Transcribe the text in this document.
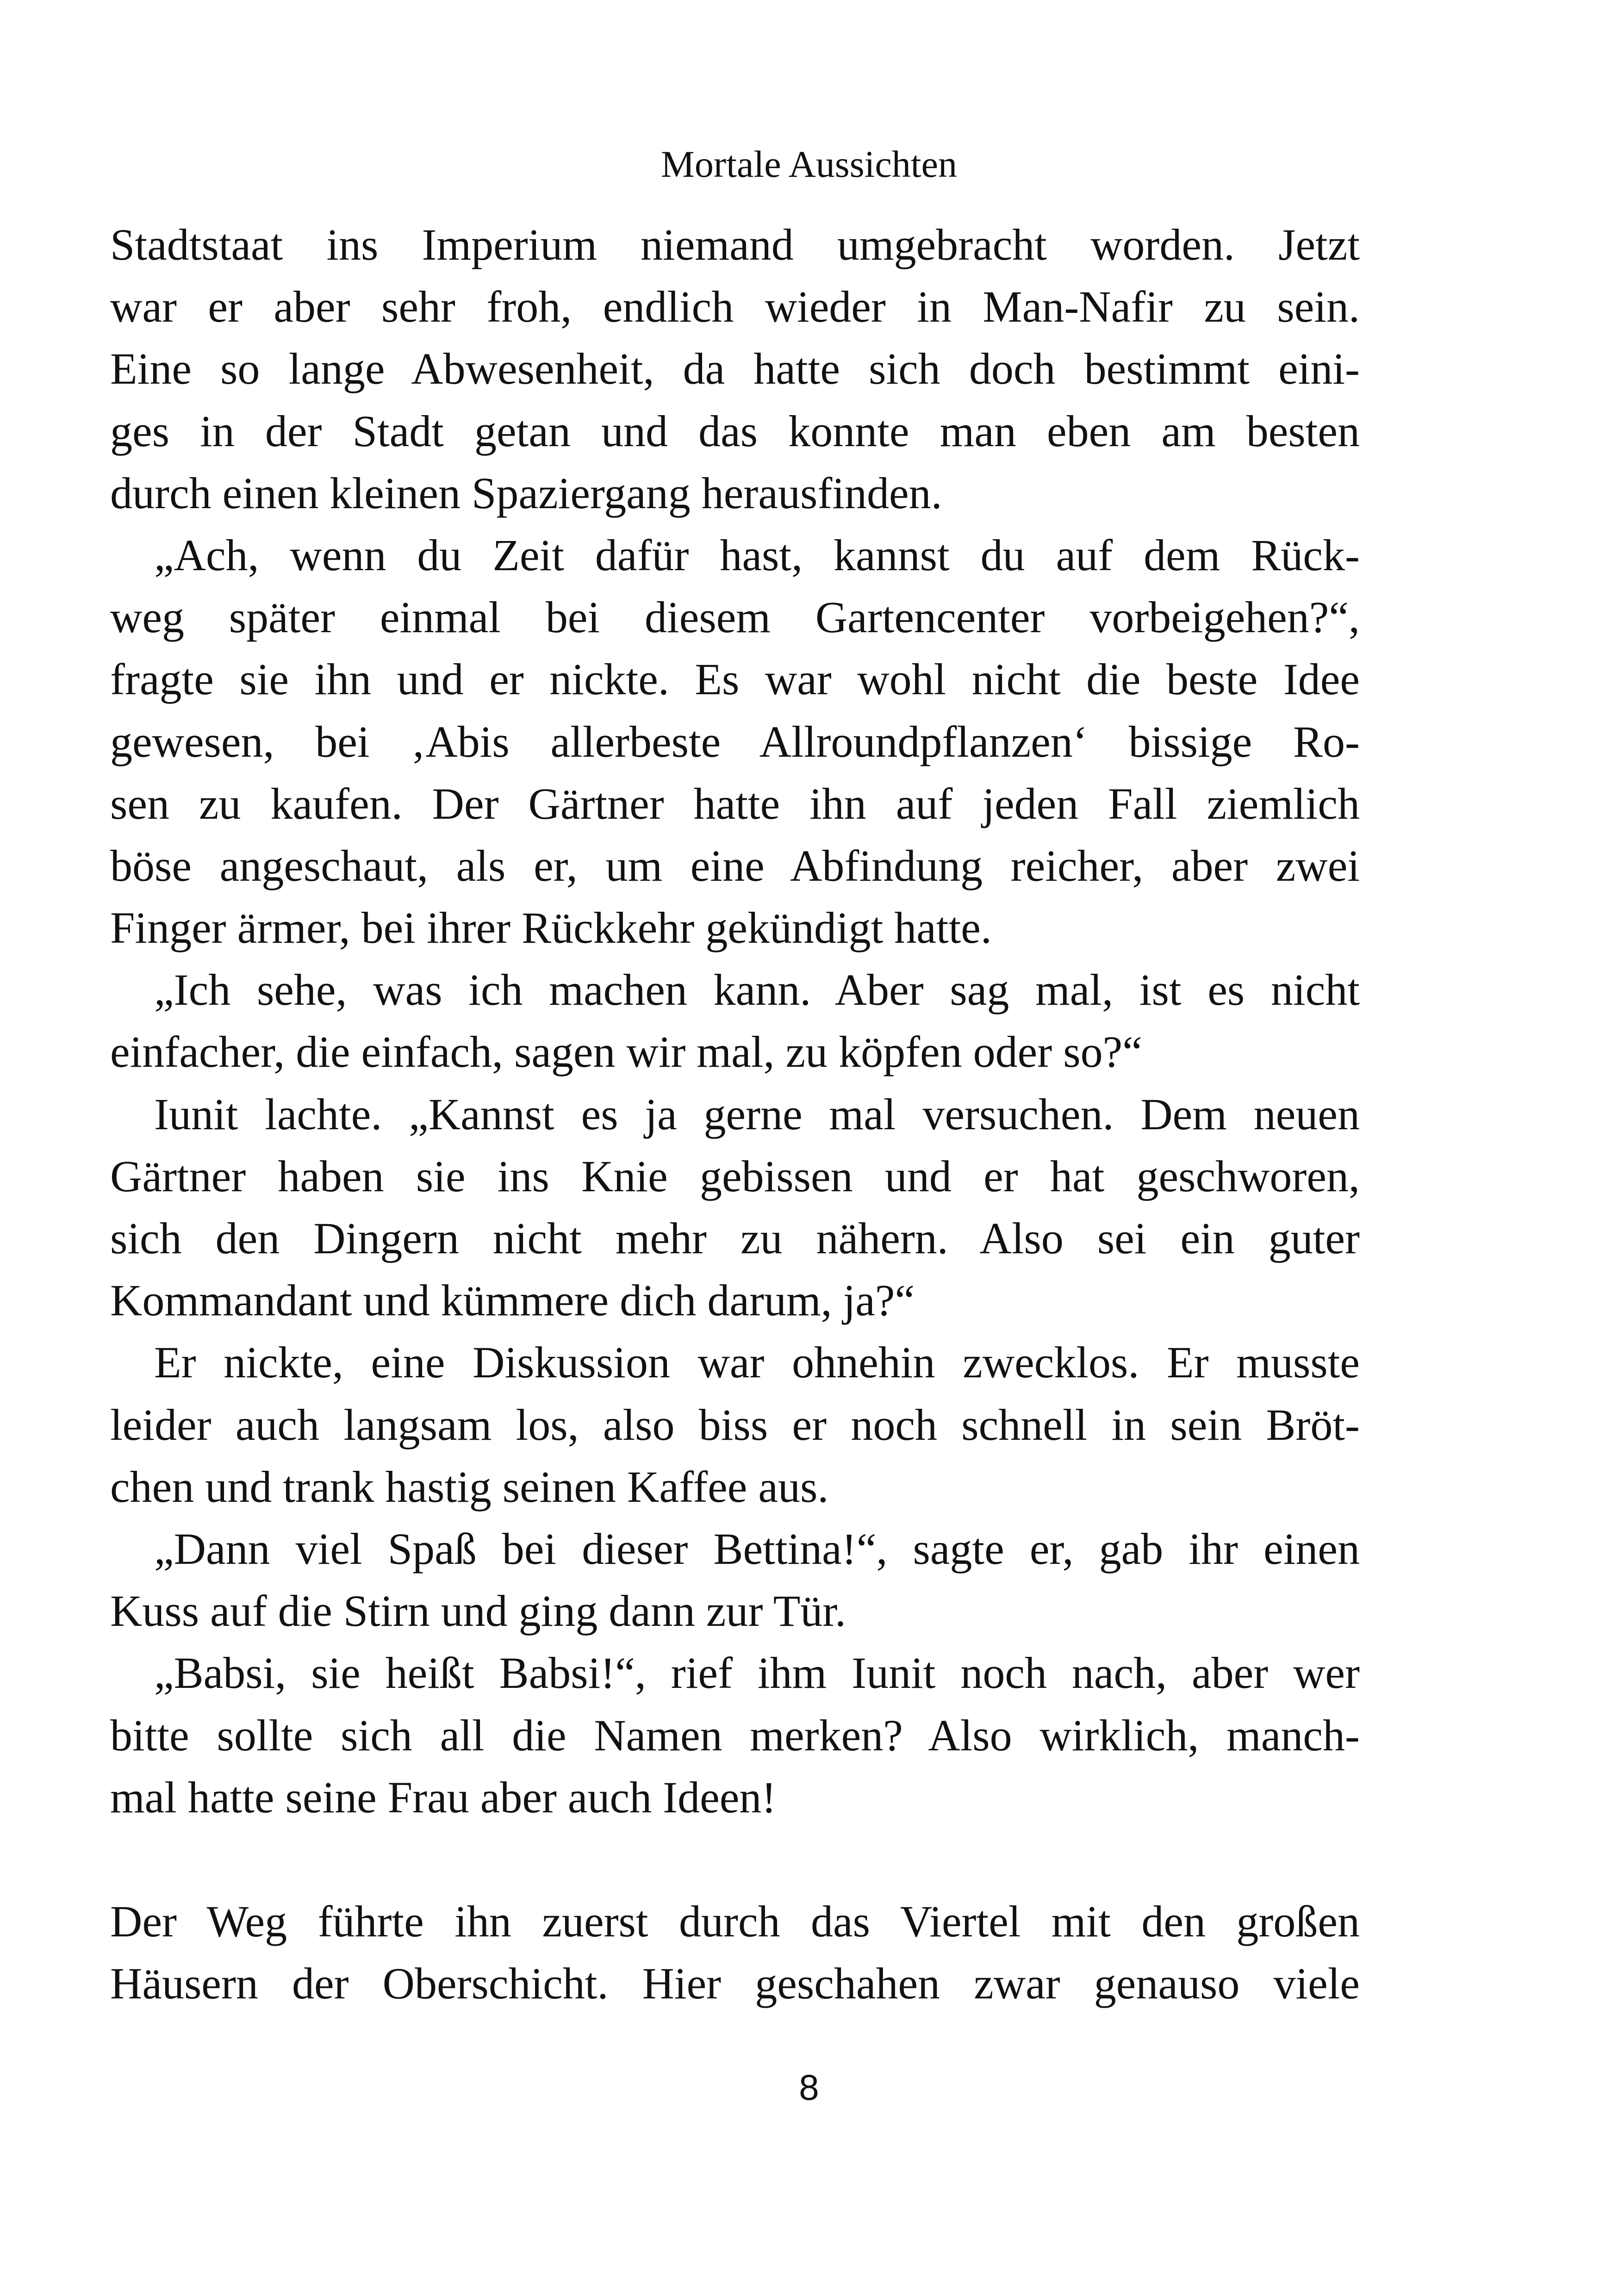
Mortale Aussichten
Stadtstaat ins Imperium niemand umgebracht worden. Jetzt
war er aber sehr froh, endlich wieder in Man-Nafir zu sein.
Eine so lange Abwesenheit, da hatte sich doch bestimmt eini-
ges in der Stadt getan und das konnte man eben am besten
durch einen kleinen Spaziergang herausfinden.
„Ach, wenn du Zeit dafür hast, kannst du auf dem Rück-
weg später einmal bei diesem Gartencenter vorbeigehen?“,
fragte sie ihn und er nickte. Es war wohl nicht die beste Idee
gewesen, bei ‚Abis allerbeste Allroundpflanzen‘ bissige Ro-
sen zu kaufen. Der Gärtner hatte ihn auf jeden Fall ziemlich
böse angeschaut, als er, um eine Abfindung reicher, aber zwei
Finger ärmer, bei ihrer Rückkehr gekündigt hatte.
„Ich sehe, was ich machen kann. Aber sag mal, ist es nicht
einfacher, die einfach, sagen wir mal, zu köpfen oder so?“
Iunit lachte. „Kannst es ja gerne mal versuchen. Dem neuen
Gärtner haben sie ins Knie gebissen und er hat geschworen,
sich den Dingern nicht mehr zu nähern. Also sei ein guter
Kommandant und kümmere dich darum, ja?“
Er nickte, eine Diskussion war ohnehin zwecklos. Er musste
leider auch langsam los, also biss er noch schnell in sein Bröt-
chen und trank hastig seinen Kaffee aus.
„Dann viel Spaß bei dieser Bettina!“, sagte er, gab ihr einen
Kuss auf die Stirn und ging dann zur Tür.
„Babsi, sie heißt Babsi!“, rief ihm Iunit noch nach, aber wer
bitte sollte sich all die Namen merken? Also wirklich, manch-
mal hatte seine Frau aber auch Ideen!
Der Weg führte ihn zuerst durch das Viertel mit den großen
Häusern der Oberschicht. Hier geschahen zwar genauso viele
8
